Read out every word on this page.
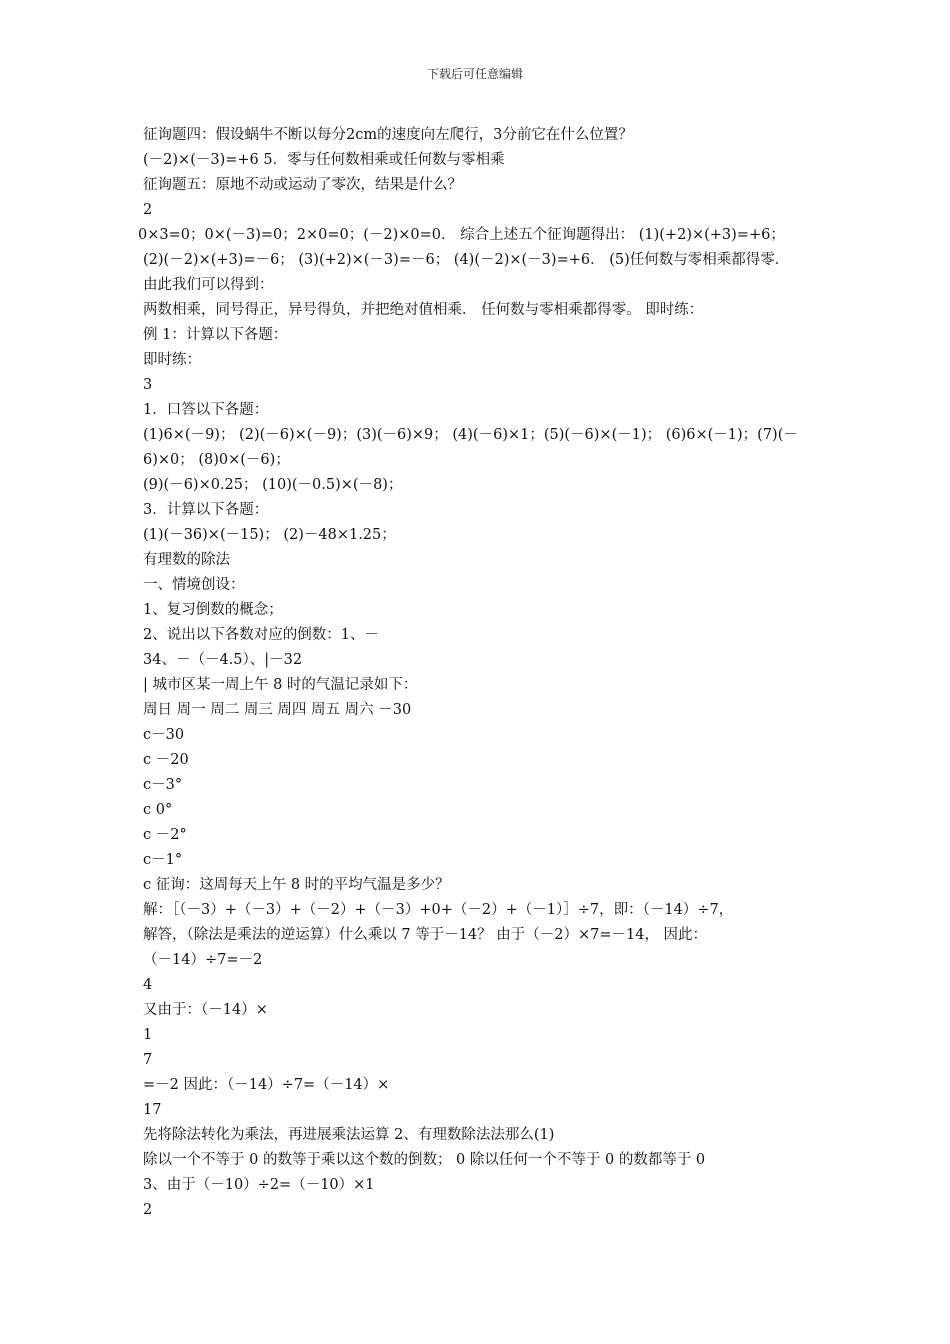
下载后可任意编辑
征询题四：假设蜗牛不断以每分2cm的速度向左爬行，3分前它在什么位置？
(－2)×(－3)=+6 5．零与任何数相乘或任何数与零相乘
征询题五：原地不动或运动了零次，结果是什么？
2
0×3=0；0×(－3)=0；2×0=0；(－2)×0=0． 综合上述五个征询题得出： (1)(+2)×(+3)=+6；
(2)(－2)×(+3)=－6； (3)(+2)×(－3)=－6； (4)(－2)×(－3)=+6． (5)任何数与零相乘都得零．
由此我们可以得到：
两数相乘，同号得正，异号得负，并把绝对值相乘． 任何数与零相乘都得零。 即时练：
例 1：计算以下各题：
即时练：
3
1．口答以下各题：
(1)6×(－9)； (2)(－6)×(－9)；(3)(－6)×9； (4)(－6)×1；(5)(－6)×(－1)； (6)6×(－1)；(7)(－
6)×0； (8)0×(－6)；
(9)(－6)×0.25； (10)(－0.5)×(－8)；
3．计算以下各题：
(1)(－36)×(－15)； (2)－48×1.25；
有理数的除法
一、情境创设：
1、复习倒数的概念；
2、说出以下各数对应的倒数：1、－
34、－（－4.5）、|－32
| 城市区某一周上午 8 时的气温记录如下：
周日 周一 周二 周三 周四 周五 周六 －30
c－30
c －20
c－3°
c 0°
c －2°
c－1°
c 征询：这周每天上午 8 时的平均气温是多少？
解：［（－3）+（－3）+（－2）+（－3）+0+（－2）+（－1）］÷7，即：（－14）÷7，
解答，（除法是乘法的逆运算）什么乘以 7 等于－14？ 由于（－2）×7=－14， 因此：
（－14）÷7=－2
4
又由于：（－14）×
1
7
=－2 因此：（－14）÷7=（－14）×
17
先将除法转化为乘法，再进展乘法运算 2、有理数除法法那么(1)
除以一个不等于 0 的数等于乘以这个数的倒数； 0 除以任何一个不等于 0 的数都等于 0
3、由于（－10）÷2=（－10）×1
2
